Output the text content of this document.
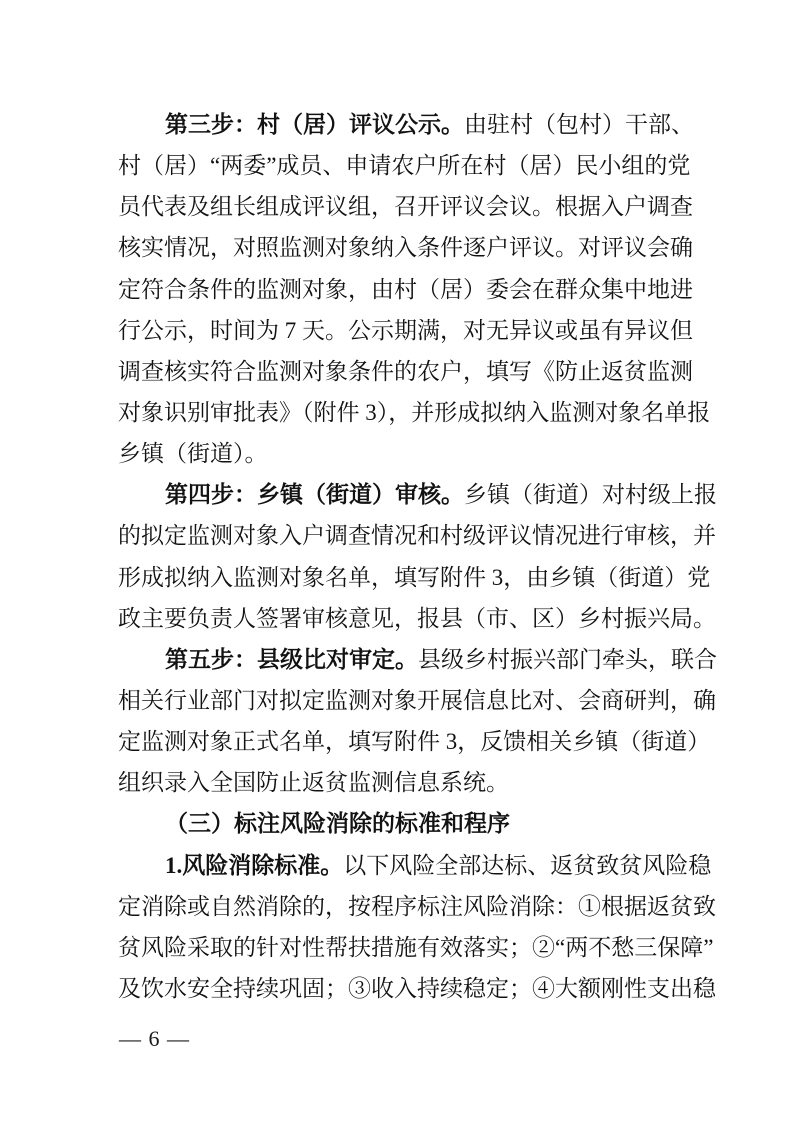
第三步：村（居）评议公示。由驻村（包村）干部、
村（居）“两委”成员、申请农户所在村（居）民小组的党
员代表及组长组成评议组，召开评议会议。根据入户调查
核实情况，对照监测对象纳入条件逐户评议。对评议会确
定符合条件的监测对象，由村（居）委会在群众集中地进
行公示，时间为 7 天。公示期满，对无异议或虽有异议但
调查核实符合监测对象条件的农户，填写《防止返贫监测
对象识别审批表》（附件 3），并形成拟纳入监测对象名单报
乡镇（街道）。
第四步：乡镇（街道）审核。乡镇（街道）对村级上报
的拟定监测对象入户调查情况和村级评议情况进行审核，并
形成拟纳入监测对象名单，填写附件 3，由乡镇（街道）党
政主要负责人签署审核意见，报县（市、区）乡村振兴局。
第五步：县级比对审定。县级乡村振兴部门牵头，联合
相关行业部门对拟定监测对象开展信息比对、会商研判，确
定监测对象正式名单，填写附件 3，反馈相关乡镇（街道）
组织录入全国防止返贫监测信息系统。
（三）标注风险消除的标准和程序
1.风险消除标准。以下风险全部达标、返贫致贫风险稳
定消除或自然消除的，按程序标注风险消除：①根据返贫致
贫风险采取的针对性帮扶措施有效落实；②“两不愁三保障”
及饮水安全持续巩固；③收入持续稳定；④大额刚性支出稳
— 6 —
